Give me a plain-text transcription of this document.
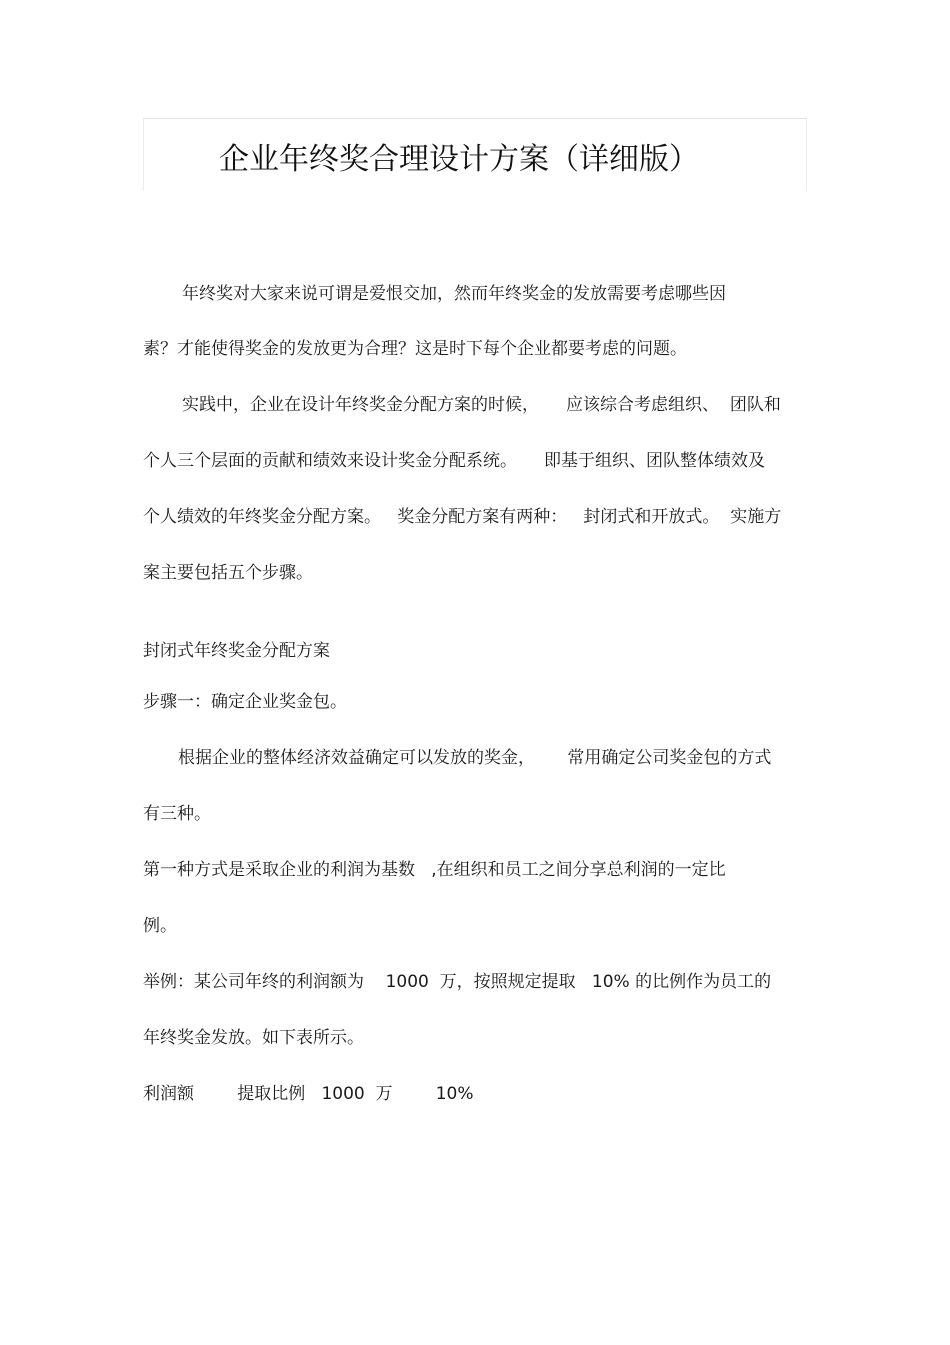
企业年终奖合理设计方案（详细版）
年终奖对大家来说可谓是爱恨交加，然而年终奖金的发放需要考虑哪些因
素？才能使得奖金的发放更为合理？这是时下每个企业都要考虑的问题。
实践中，企业在设计年终奖金分配方案的时候，     应该综合考虑组织、  团队和
个人三个层面的贡献和绩效来设计奖金分配系统。     即基于组织、团队整体绩效及
个人绩效的年终奖金分配方案。   奖金分配方案有两种：   封闭式和开放式。  实施方
案主要包括五个步骤。
封闭式年终奖金分配方案
步骤一：确定企业奖金包。
根据企业的整体经济效益确定可以发放的奖金，      常用确定公司奖金包的方式
有三种。
第一种方式是采取企业的利润为基数   ,在组织和员工之间分享总利润的一定比
例。
举例：某公司年终的利润额为    1000  万，按照规定提取   10% 的比例作为员工的
年终奖金发放。如下表所示。
利润额        提取比例   1000  万        10%
